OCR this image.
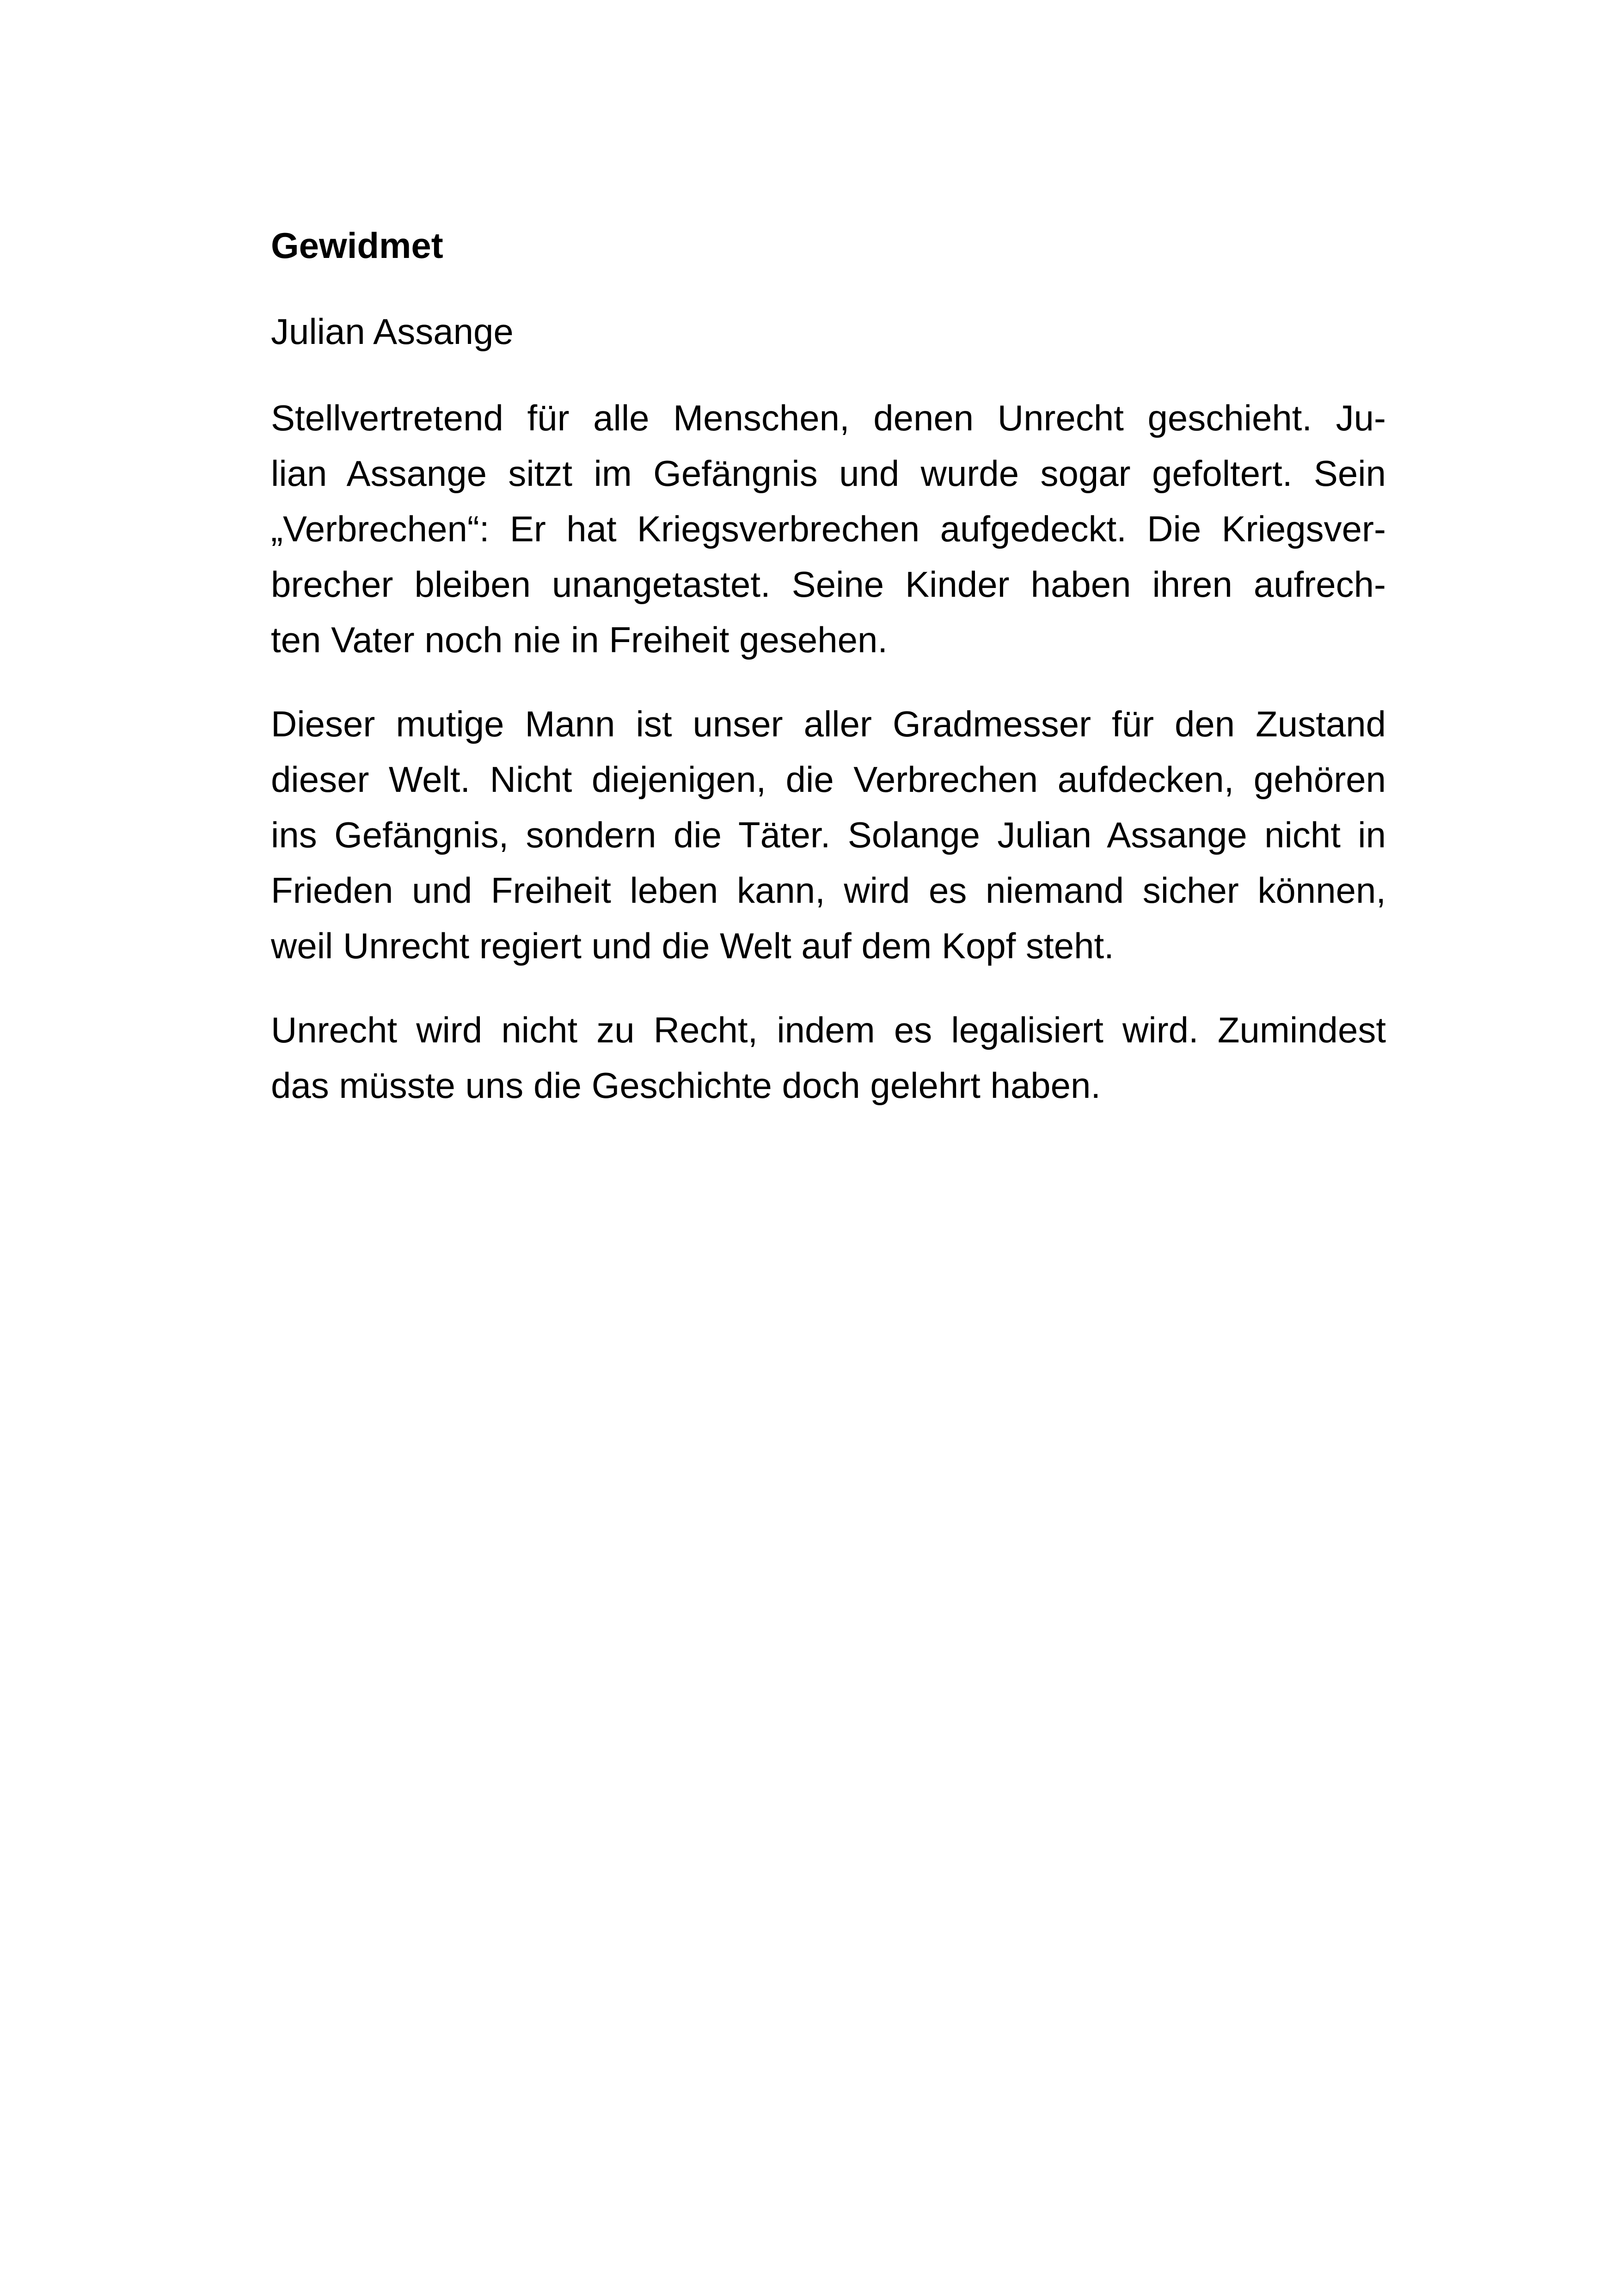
Gewidmet
Julian Assange
Stellvertretend für alle Menschen, denen Unrecht geschieht. Ju-
lian Assange sitzt im Gefängnis und wurde sogar gefoltert. Sein
„Verbrechen“: Er hat Kriegsverbrechen aufgedeckt. Die Kriegsver-
brecher bleiben unangetastet. Seine Kinder haben ihren aufrech-
ten Vater noch nie in Freiheit gesehen.
Dieser mutige Mann ist unser aller Gradmesser für den Zustand
dieser Welt. Nicht diejenigen, die Verbrechen aufdecken, gehören
ins Gefängnis, sondern die Täter. Solange Julian Assange nicht in
Frieden und Freiheit leben kann, wird es niemand sicher können,
weil Unrecht regiert und die Welt auf dem Kopf steht.
Unrecht wird nicht zu Recht, indem es legalisiert wird. Zumindest
das müsste uns die Geschichte doch gelehrt haben.
